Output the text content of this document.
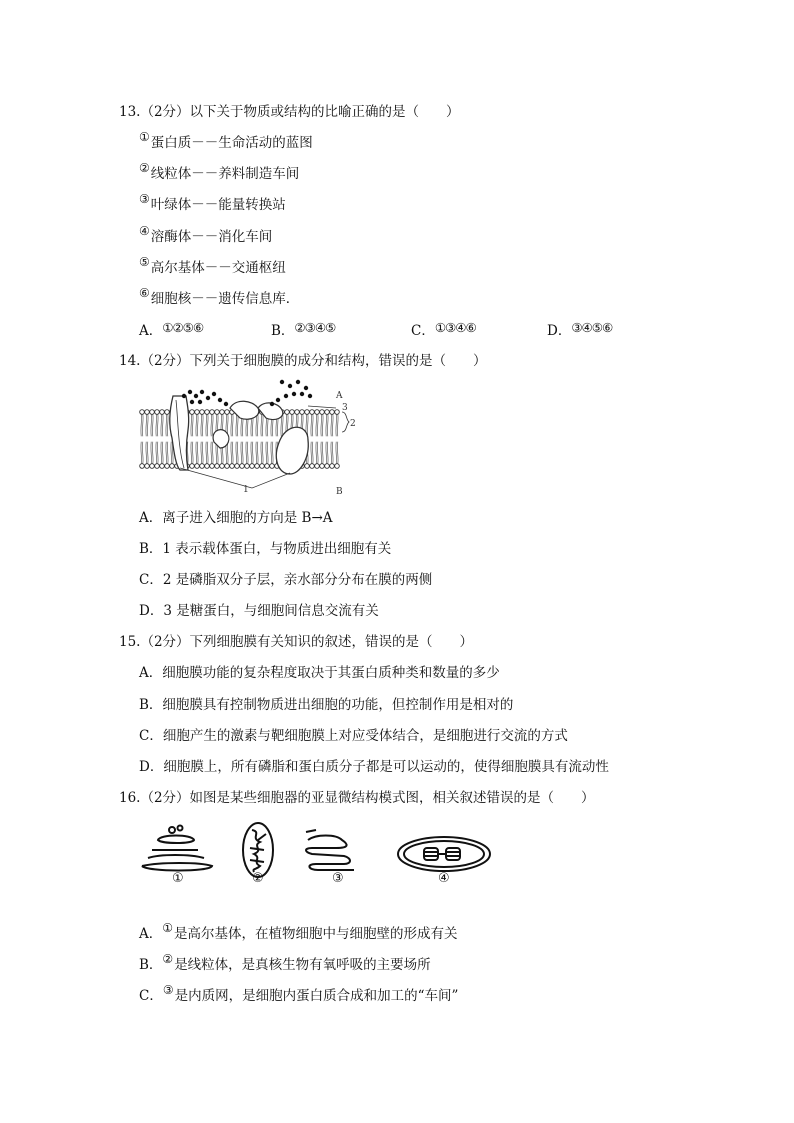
13.（2分）以下关于物质或结构的比喻正确的是（　　）
①蛋白质－－生命活动的蓝图
②线粒体－－养料制造车间
③叶绿体－－能量转换站
④溶酶体－－消化车间
⑤高尔基体－－交通枢纽
⑥细胞核－－遗传信息库．
A．①②⑤⑥	B．②③④⑤	C．①③④⑥	D．③④⑤⑥
14.（2分）下列关于细胞膜的成分和结构，错误的是（　　）
1
3
2
A
B
A．离子进入细胞的方向是 B→A
B．1 表示载体蛋白，与物质进出细胞有关
C．2 是磷脂双分子层，亲水部分分布在膜的两侧
D．3 是糖蛋白，与细胞间信息交流有关
15.（2分）下列细胞膜有关知识的叙述，错误的是（　　）
A．细胞膜功能的复杂程度取决于其蛋白质种类和数量的多少
B．细胞膜具有控制物质进出细胞的功能，但控制作用是相对的
C．细胞产生的激素与靶细胞膜上对应受体结合，是细胞进行交流的方式
D．细胞膜上，所有磷脂和蛋白质分子都是可以运动的，使得细胞膜具有流动性
16.（2分）如图是某些细胞器的亚显微结构模式图，相关叙述错误的是（　　）
①	②	③	④
A．①是高尔基体，在植物细胞中与细胞壁的形成有关
B．②是线粒体，是真核生物有氧呼吸的主要场所
C．③是内质网，是细胞内蛋白质合成和加工的“车间”
